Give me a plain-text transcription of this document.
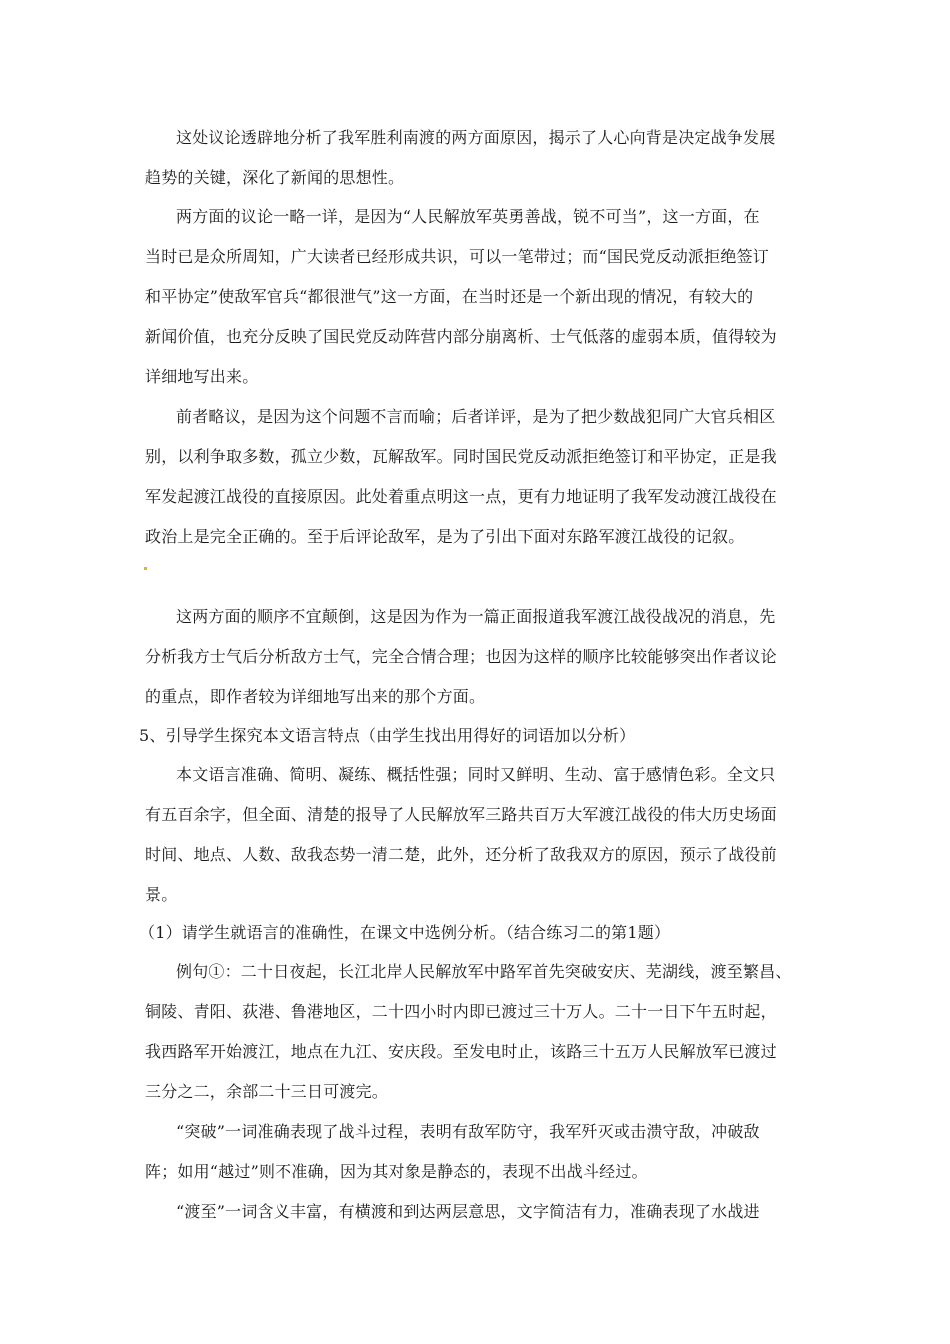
这处议论透辟地分析了我军胜利南渡的两方面原因，揭示了人心向背是决定战争发展
趋势的关键，深化了新闻的思想性。
两方面的议论一略一详，是因为“人民解放军英勇善战，锐不可当”，这一方面，在
当时已是众所周知，广大读者已经形成共识，可以一笔带过；而“国民党反动派拒绝签订
和平协定”使敌军官兵“都很泄气”这一方面，在当时还是一个新出现的情况，有较大的
新闻价值，也充分反映了国民党反动阵营内部分崩离析、士气低落的虚弱本质，值得较为
详细地写出来。
前者略议，是因为这个问题不言而喻；后者详评，是为了把少数战犯同广大官兵相区
别，以利争取多数，孤立少数，瓦解敌军。同时国民党反动派拒绝签订和平协定，正是我
军发起渡江战役的直接原因。此处着重点明这一点，更有力地证明了我军发动渡江战役在
政治上是完全正确的。至于后评论敌军，是为了引出下面对东路军渡江战役的记叙。
这两方面的顺序不宜颠倒，这是因为作为一篇正面报道我军渡江战役战况的消息，先
分析我方士气后分析敌方士气，完全合情合理；也因为这样的顺序比较能够突出作者议论
的重点，即作者较为详细地写出来的那个方面。
5、引导学生探究本文语言特点（由学生找出用得好的词语加以分析）
本文语言准确、简明、凝练、概括性强；同时又鲜明、生动、富于感情色彩。全文只
有五百余字，但全面、清楚的报导了人民解放军三路共百万大军渡江战役的伟大历史场面
时间、地点、人数、敌我态势一清二楚，此外，还分析了敌我双方的原因，预示了战役前
景。
（1）请学生就语言的准确性，在课文中选例分析。（结合练习二的第1题）
例句①：二十日夜起，长江北岸人民解放军中路军首先突破安庆、芜湖线，渡至繁昌、
铜陵、青阳、荻港、鲁港地区，二十四小时内即已渡过三十万人。二十一日下午五时起，
我西路军开始渡江，地点在九江、安庆段。至发电时止，该路三十五万人民解放军已渡过
三分之二，余部二十三日可渡完。
“突破”一词准确表现了战斗过程，表明有敌军防守，我军歼灭或击溃守敌，冲破敌
阵；如用“越过”则不准确，因为其对象是静态的，表现不出战斗经过。
“渡至”一词含义丰富，有横渡和到达两层意思，文字简洁有力，准确表现了水战进
